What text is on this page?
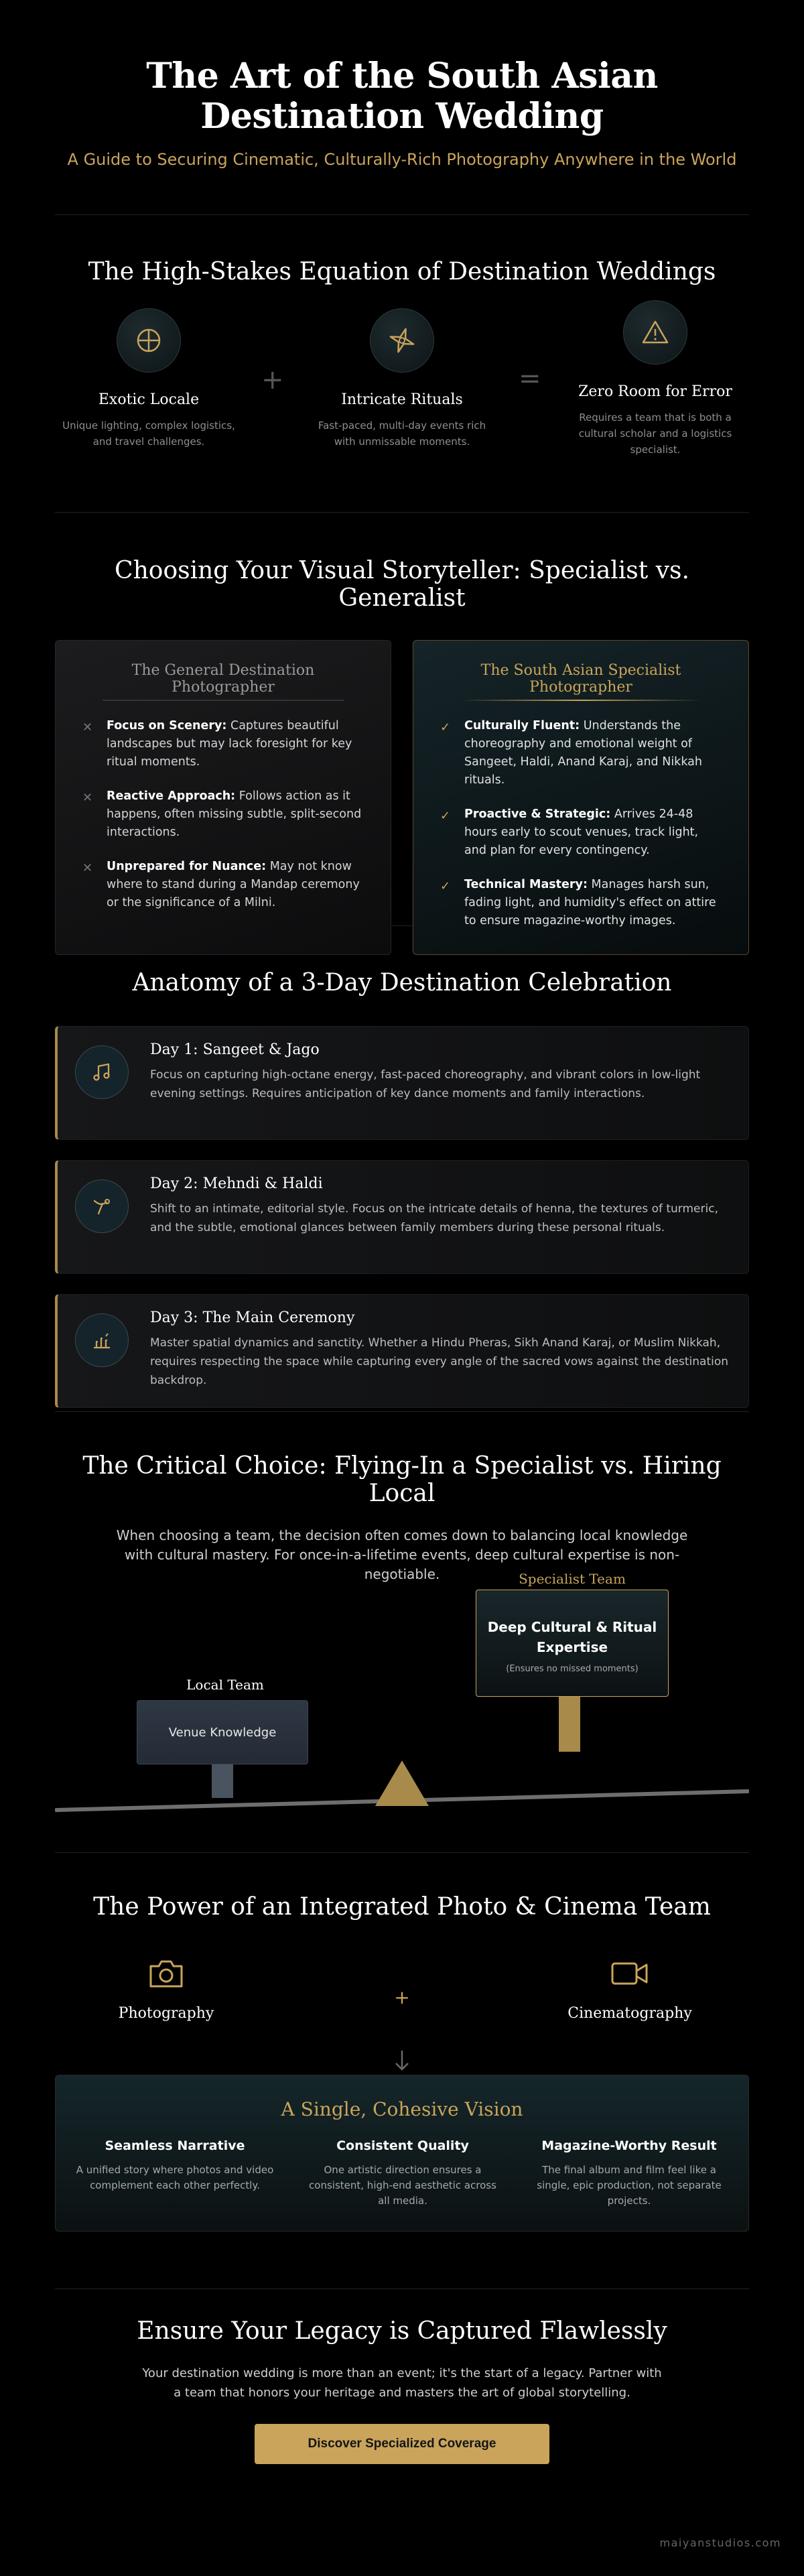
The Art of the South Asian Destination Wedding

A Guide to Securing Cinematic, Culturally-Rich Photography Anywhere in the World

The High-Stakes Equation of Destination Weddings
Exotic Locale
Unique lighting, complex logistics, and travel challenges.
+
Intricate Rituals
Fast-paced, multi-day events rich with unmissable moments.
=	Zero Room for Error
Requires a team that is both a cultural scholar and a logistics specialist.
Choosing Your Visual Storyteller: Specialist vs. Generalist
The General Destination Photographer
✕ Focus on Scenery: Captures beautiful landscapes but may lack foresight for key ritual moments.
✕ Reactive Approach: Follows action as it happens, often missing subtle, split-second interactions.
✕ Unprepared for Nuance: May not know where to stand during a Mandap ceremony or the significance of a Milni.
The South Asian Specialist Photographer
✓ Culturally Fluent: Understands the choreography and emotional weight of Sangeet, Haldi, Anand Karaj, and Nikkah rituals.
✓ Proactive & Strategic: Arrives 24-48 hours early to scout venues, track light, and plan for every contingency.
✓ Technical Mastery: Manages harsh sun, fading light, and humidity's effect on attire to ensure magazine-worthy images.
Anatomy of a 3-Day Destination Celebration
Day 1: Sangeet & Jago
Focus on capturing high-octane energy, fast-paced choreography, and vibrant colors in low-light evening settings. Requires anticipation of key dance moments and family interactions.
Day 2: Mehndi & Haldi
Shift to an intimate, editorial style. Focus on the intricate details of henna, the textures of turmeric, and the subtle, emotional glances between family members during these personal rituals.
Day 3: The Main Ceremony
Master spatial dynamics and sanctity. Whether a Hindu Pheras, Sikh Anand Karaj, or Muslim Nikkah, requires respecting the space while capturing every angle of the sacred vows against the destination backdrop.
The Critical Choice: Flying-In a Specialist vs. Hiring Local

When choosing a team, the decision often comes down to balancing local knowledge with cultural mastery. For once-in-a-lifetime events, deep cultural expertise is non-negotiable.

Local Team
Venue Knowledge
Specialist Team
Deep Cultural & Ritual Expertise
(Ensures no missed moments)
The Power of an Integrated Photo & Cinema Team
Photography
+
Cinematography
A Single, Cohesive Vision
Seamless Narrative
A unified story where photos and video complement each other perfectly.
Consistent Quality
One artistic direction ensures a consistent, high-end aesthetic across all media.
Magazine-Worthy Result
The final album and film feel like a single, epic production, not separate projects.
Ensure Your Legacy is Captured Flawlessly

Your destination wedding is more than an event; it's the start of a legacy. Partner with a team that honors your heritage and masters the art of global storytelling.

Discover Specialized Coverage
maiyanstudios.com
